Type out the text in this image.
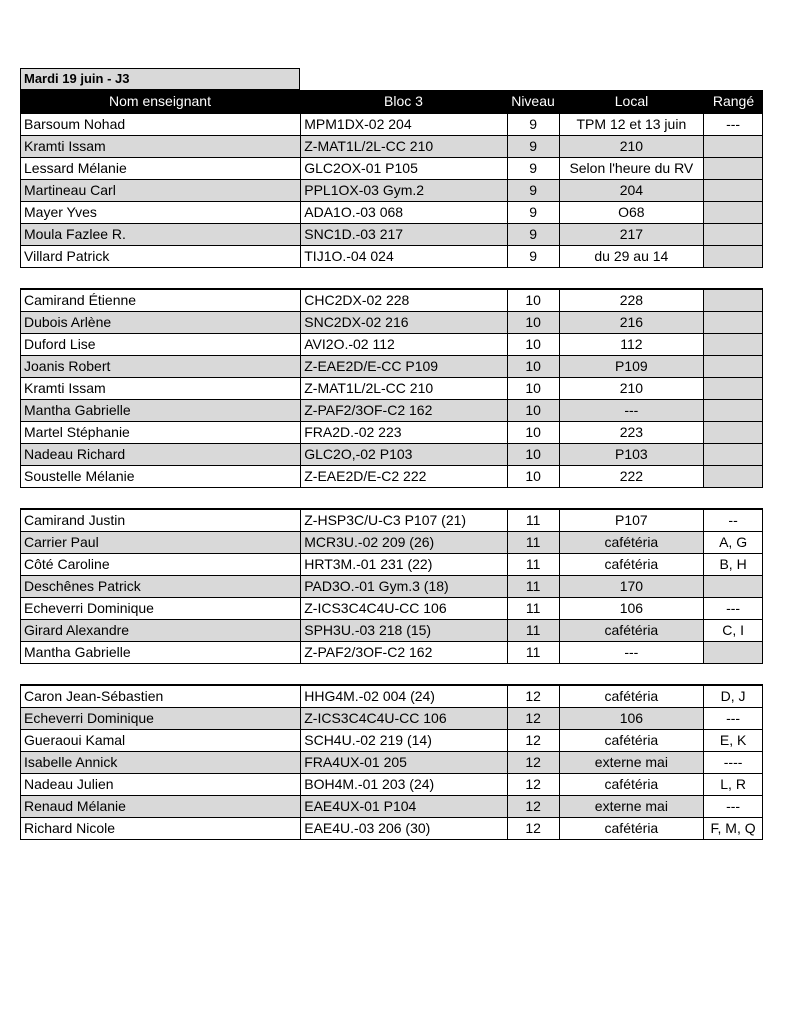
Mardi 19 juin - J3
Nom enseignant	Bloc 3	Niveau	Local	Rangé
Barsoum Nohad	MPM1DX-02 204	9	TPM 12 et 13 juin	---
Kramti Issam	Z-MAT1L/2L-CC 210	9	210
Lessard Mélanie	GLC2OX-01 P105	9	Selon l'heure du RV
Martineau Carl	PPL1OX-03 Gym.2	9	204
Mayer Yves	ADA1O.-03 068	9	O68
Moula Fazlee R.	SNC1D.-03 217	9	217
Villard Patrick	TIJ1O.-04 024	9	du 29 au 14
Camirand Étienne	CHC2DX-02 228	10	228
Dubois Arlène	SNC2DX-02 216	10	216
Duford Lise	AVI2O.-02 112	10	112
Joanis Robert	Z-EAE2D/E-CC P109	10	P109
Kramti Issam	Z-MAT1L/2L-CC 210	10	210
Mantha Gabrielle	Z-PAF2/3OF-C2 162	10	---
Martel Stéphanie	FRA2D.-02 223	10	223
Nadeau Richard	GLC2O,-02 P103	10	P103
Soustelle Mélanie	Z-EAE2D/E-C2 222	10	222
Camirand Justin	Z-HSP3C/U-C3 P107 (21)	11	P107	--
Carrier Paul	MCR3U.-02 209 (26)	11	cafétéria	A, G
Côté Caroline	HRT3M.-01 231 (22)	11	cafétéria	B, H
Deschênes Patrick	PAD3O.-01 Gym.3 (18)	11	170
Echeverri Dominique	Z-ICS3C4C4U-CC 106	11	106	---
Girard Alexandre	SPH3U.-03 218 (15)	11	cafétéria	C, I
Mantha Gabrielle	Z-PAF2/3OF-C2 162	11	---
Caron Jean-Sébastien	HHG4M.-02 004 (24)	12	cafétéria	D, J
Echeverri Dominique	Z-ICS3C4C4U-CC 106	12	106	---
Gueraoui Kamal	SCH4U.-02 219 (14)	12	cafétéria	E, K
Isabelle Annick	FRA4UX-01 205	12	externe mai	----
Nadeau Julien	BOH4M.-01 203 (24)	12	cafétéria	L, R
Renaud Mélanie	EAE4UX-01 P104	12	externe mai	---
Richard Nicole	EAE4U.-03 206 (30)	12	cafétéria	F, M, Q
